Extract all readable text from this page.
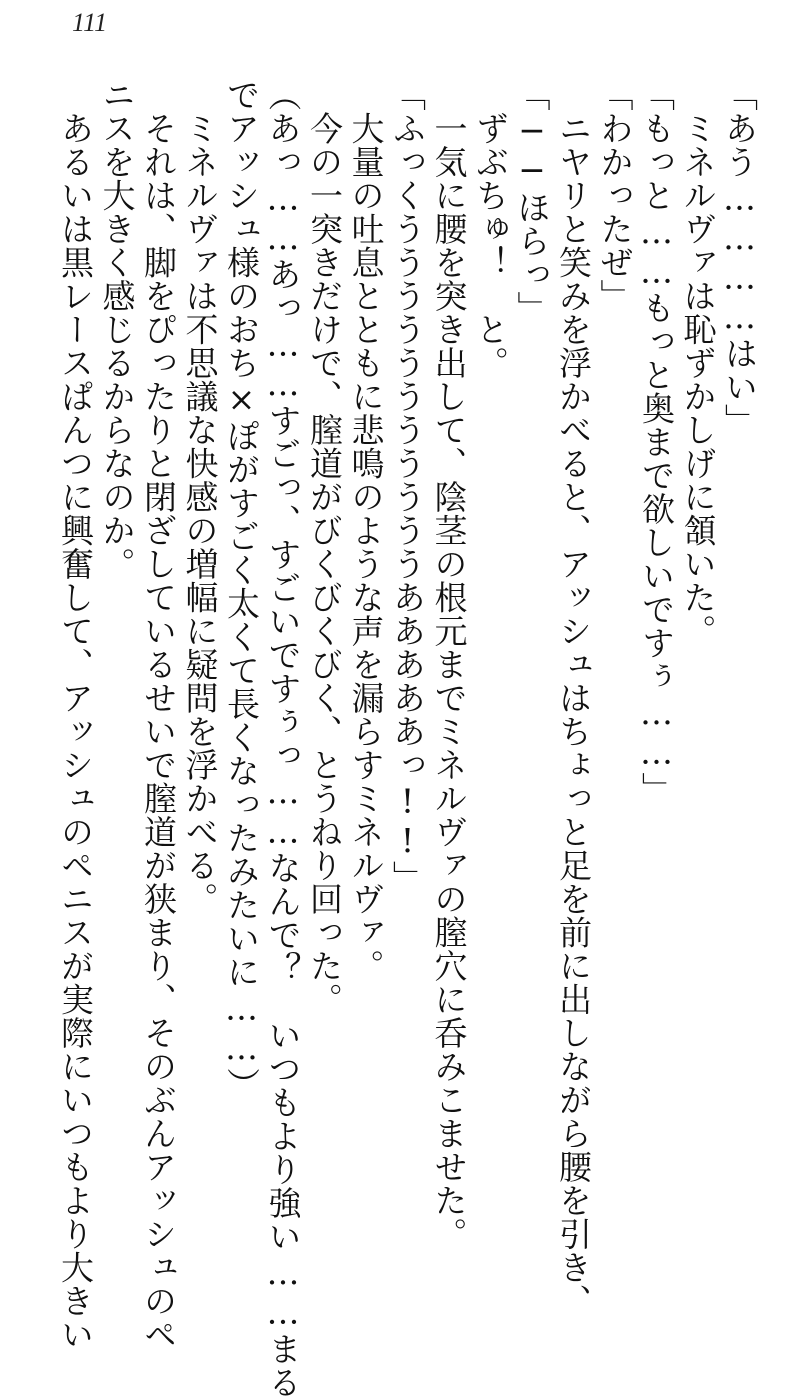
111
「あう…………はい」
　ミネルヴァは恥ずかしげに頷いた。
「もっと……もっと奥まで欲しいですぅ……」
「わかったぜ」
　ニヤリと笑みを浮かべると、アッシュはちょっと足を前に出しながら腰を引き、
「──ほらっ」
　ずぶちゅ！　と。
　一気に腰を突き出して、陰茎の根元までミネルヴァの膣穴に呑みこませた。
「ふっくうううううううううううあああああっ!!」
　大量の吐息とともに悲鳴のような声を漏らすミネルヴァ。
　今の一突きだけで、膣道がびくびくびく、とうねり回った。
（あっ……あっ……すごっ、すごいですぅっ……なんで？　いつもより強い……まる
でアッシュ様のおち×ぽがすごく太くて長くなったみたいに……）
　ミネルヴァは不思議な快感の増幅に疑問を浮かべる。
　それは、脚をぴったりと閉ざしているせいで膣道が狭まり、そのぶんアッシュのペ
ニスを大きく感じるからなのか。
　あるいは黒レースぱんつに興奮して、アッシュのペニスが実際にいつもより大きい
